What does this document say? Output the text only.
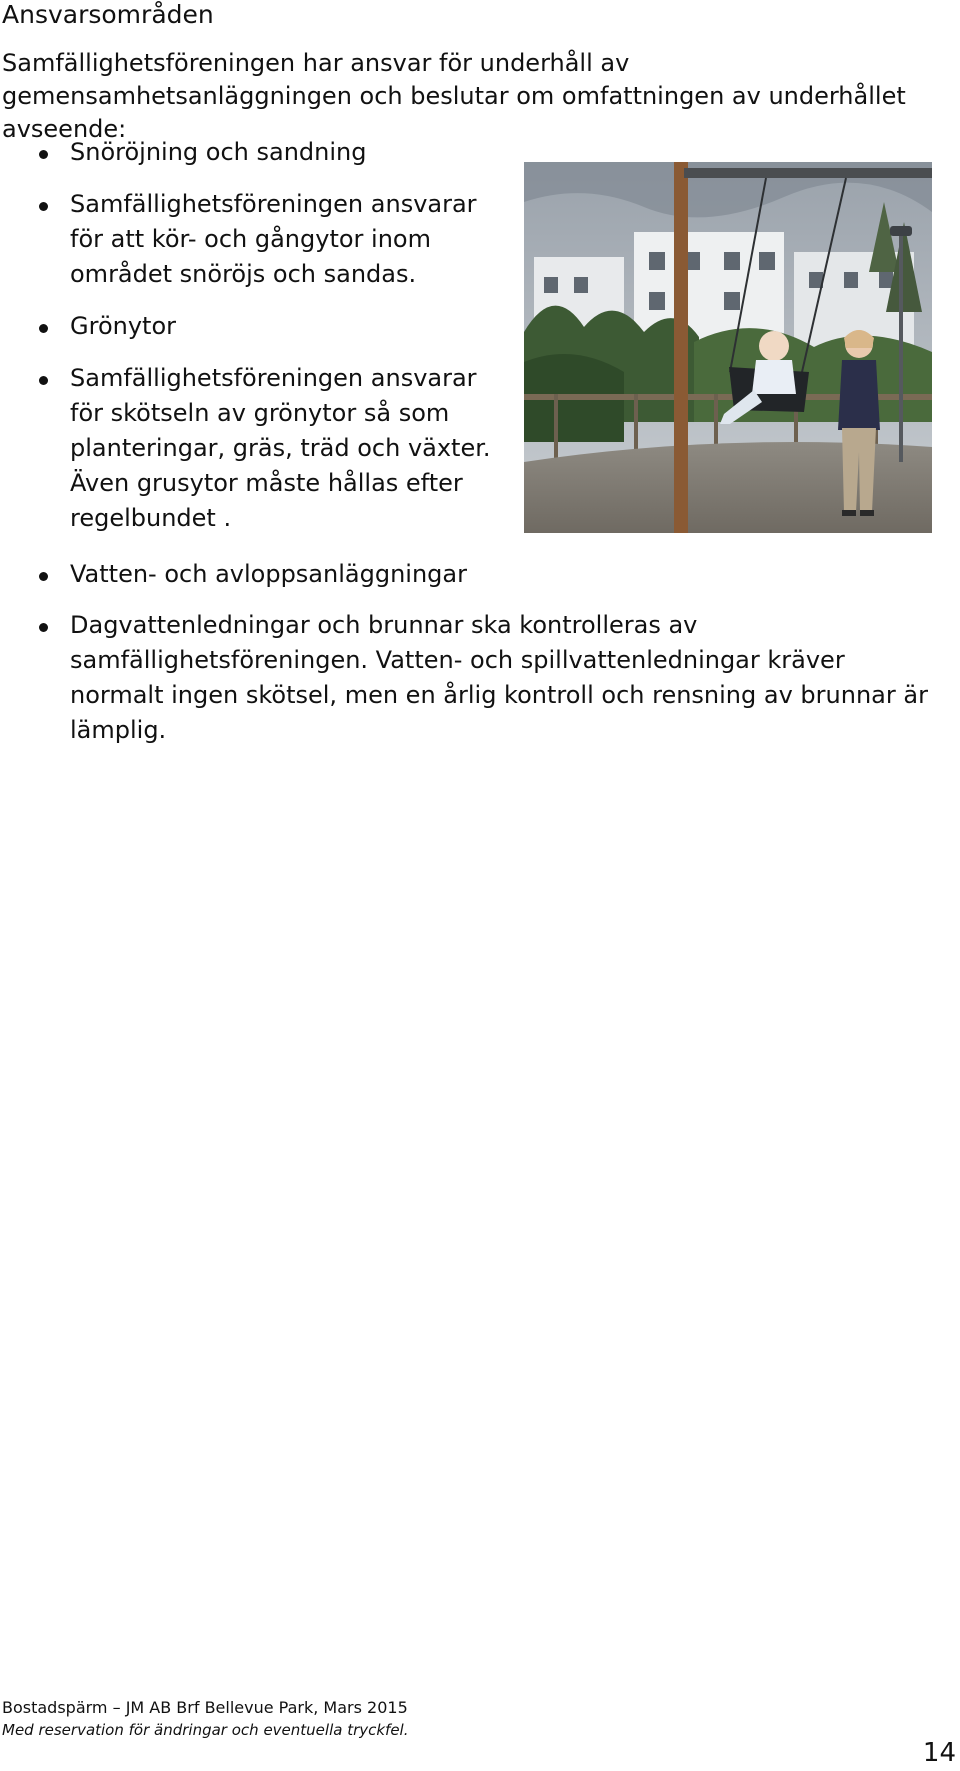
Ansvarsområden

Samfällighetsföreningen har ansvar för underhåll av gemensamhetsanläggningen och beslutar om omfattningen av underhållet avseende:

Snöröjning och sandning
Samfällighetsföreningen ansvarar för att kör- och gångytor inom området snöröjs och sandas.
Grönytor
Samfällighetsföreningen ansvarar för skötseln av grönytor så som planteringar, gräs, träd och växter. Även grusytor måste hållas efter regelbundet .
Vatten- och avloppsanläggningar
Dagvattenledningar och brunnar ska kontrolleras av samfällighetsföreningen. Vatten- och spillvattenledningar kräver normalt ingen skötsel, men en årlig kontroll och rensning av brunnar är lämplig.
Bostadspärm – JM AB Brf Bellevue Park, Mars 2015
Med reservation för ändringar och eventuella tryckfel.
14
